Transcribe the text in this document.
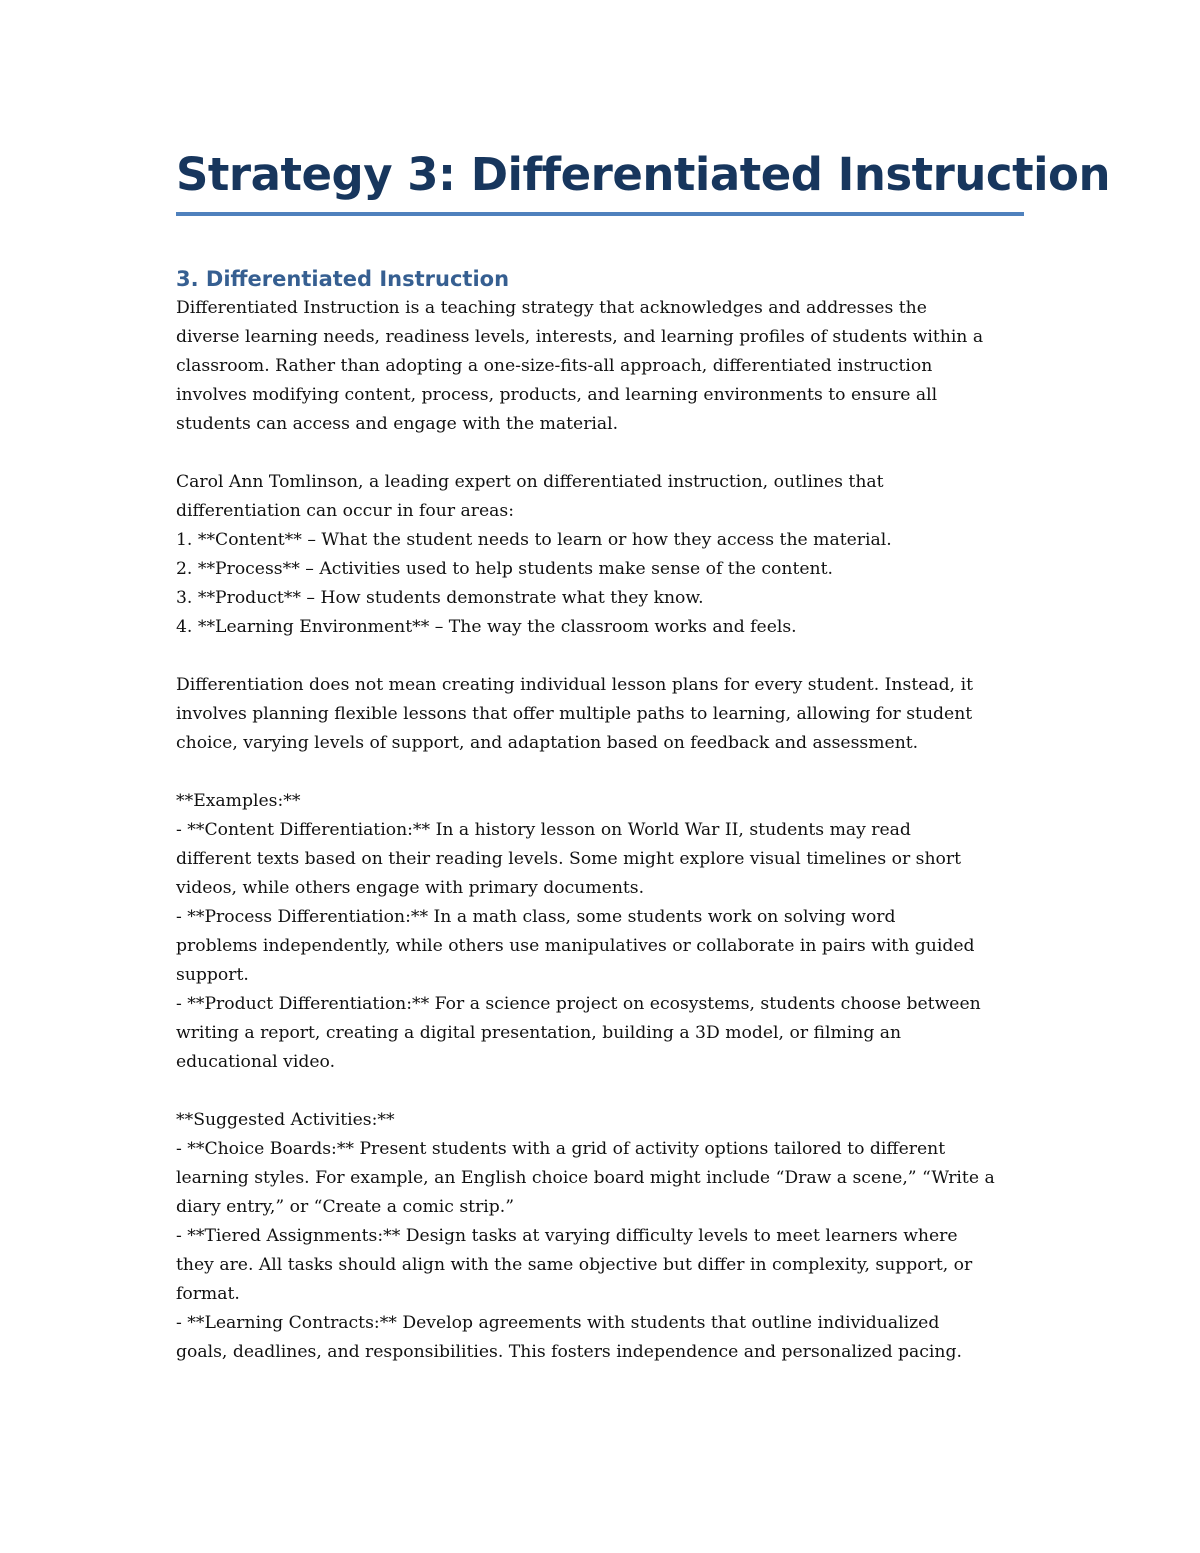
Strategy 3: Differentiated Instruction
3. Differentiated Instruction
Differentiated Instruction is a teaching strategy that acknowledges and addresses the
diverse learning needs, readiness levels, interests, and learning profiles of students within a
classroom. Rather than adopting a one-size-fits-all approach, differentiated instruction
involves modifying content, process, products, and learning environments to ensure all
students can access and engage with the material.
Carol Ann Tomlinson, a leading expert on differentiated instruction, outlines that
differentiation can occur in four areas:
1. **Content** – What the student needs to learn or how they access the material.
2. **Process** – Activities used to help students make sense of the content.
3. **Product** – How students demonstrate what they know.
4. **Learning Environment** – The way the classroom works and feels.
Differentiation does not mean creating individual lesson plans for every student. Instead, it
involves planning flexible lessons that offer multiple paths to learning, allowing for student
choice, varying levels of support, and adaptation based on feedback and assessment.
**Examples:**
- **Content Differentiation:** In a history lesson on World War II, students may read
different texts based on their reading levels. Some might explore visual timelines or short
videos, while others engage with primary documents.
- **Process Differentiation:** In a math class, some students work on solving word
problems independently, while others use manipulatives or collaborate in pairs with guided
support.
- **Product Differentiation:** For a science project on ecosystems, students choose between
writing a report, creating a digital presentation, building a 3D model, or filming an
educational video.
**Suggested Activities:**
- **Choice Boards:** Present students with a grid of activity options tailored to different
learning styles. For example, an English choice board might include “Draw a scene,” “Write a
diary entry,” or “Create a comic strip.”
- **Tiered Assignments:** Design tasks at varying difficulty levels to meet learners where
they are. All tasks should align with the same objective but differ in complexity, support, or
format.
- **Learning Contracts:** Develop agreements with students that outline individualized
goals, deadlines, and responsibilities. This fosters independence and personalized pacing.
